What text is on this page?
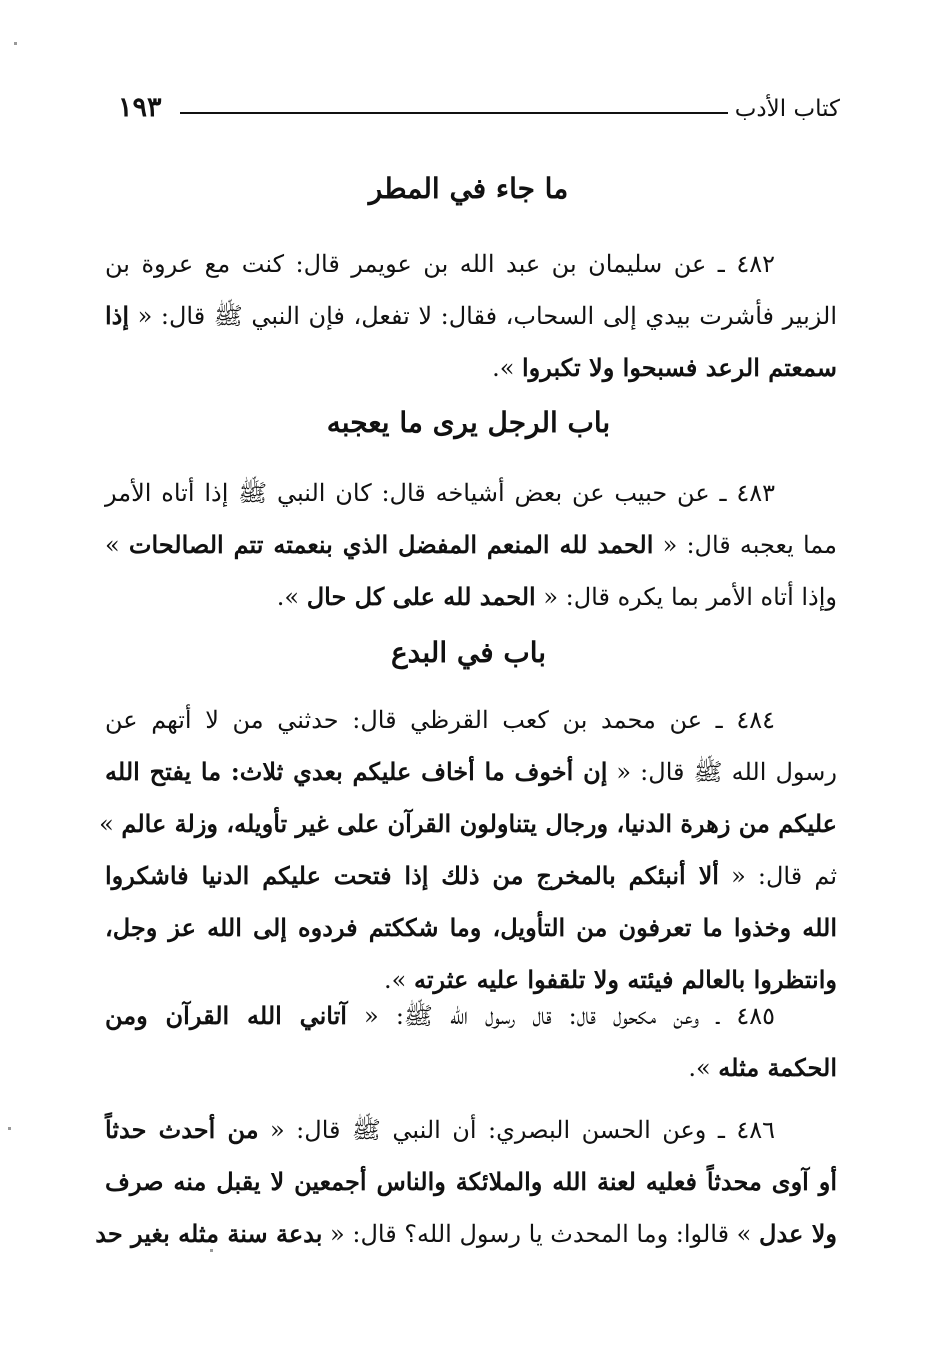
١٩٣	كتاب الأدب
ما جاء في المطر
٤٨٢ ـ عن سليمان بن عبد الله بن عويمر قال: كنت مع عروة بن
الزبير فأشرت بيدي إلى السحاب، فقال: لا تفعل، فإن النبي ﷺ قال: « إذا
سمعتم الرعد فسبحوا ولا تكبروا ».
باب الرجل يرى ما يعجبه
٤٨٣ ـ عن حبيب عن بعض أشياخه قال: كان النبي ﷺ إذا أتاه الأمر
مما يعجبه قال: « الحمد لله المنعم المفضل الذي بنعمته تتم الصالحات »
وإذا أتاه الأمر بما يكره قال: « الحمد لله على كل حال ».
باب في البدع
٤٨٤ ـ عن محمد بن كعب القرظي قال: حدثني من لا أتهم عن
رسول الله ﷺ قال: « إن أخوف ما أخاف عليكم بعدي ثلاث: ما يفتح الله
عليكم من زهرة الدنيا، ورجال يتناولون القرآن على غير تأويله، وزلة عالم »
ثم قال: « ألا أنبئكم بالمخرج من ذلك إذا فتحت عليكم الدنيا فاشكروا
الله وخذوا ما تعرفون من التأويل، وما شككتم فردوه إلى الله عز وجل،
وانتظروا بالعالم فيئته ولا تلقفوا عليه عثرته ».
٤٨٥ ـ وعن مكحول قال: قال رسول الله ﷺ: « آتاني الله القرآن ومن
الحكمة مثله ».
٤٨٦ ـ وعن الحسن البصري: أن النبي ﷺ قال: « من أحدث حدثاً
أو آوى محدثاً فعليه لعنة الله والملائكة والناس أجمعين لا يقبل منه صرف
ولا عدل » قالوا: وما المحدث يا رسول الله؟ قال: « بدعة سنة مثله بغير حد
